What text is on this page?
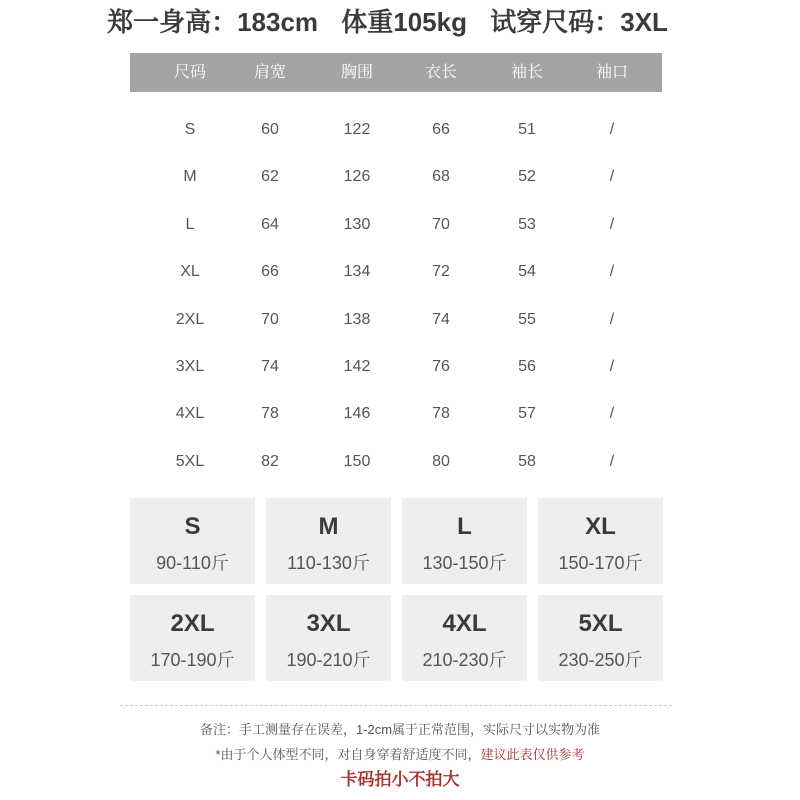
郑一身高：183cm 体重105kg 试穿尺码：3XL
尺码	肩宽	胸围	衣长	袖长	袖口
S	60	122	66	51	/
M	62	126	68	52	/
L	64	130	70	53	/
XL	66	134	72	54	/
2XL	70	138	74	55	/
3XL	74	142	76	56	/
4XL	78	146	78	57	/
5XL	82	150	80	58	/
S
90-110斤
M
110-130斤
L
130-150斤
XL
150-170斤
2XL
170-190斤
3XL
190-210斤
4XL
210-230斤
5XL
230-250斤
备注：手工测量存在误差，1-2cm属于正常范围，实际尺寸以实物为准
*由于个人体型不同，对自身穿着舒适度不同，建议此表仅供参考
卡码拍小不拍大
